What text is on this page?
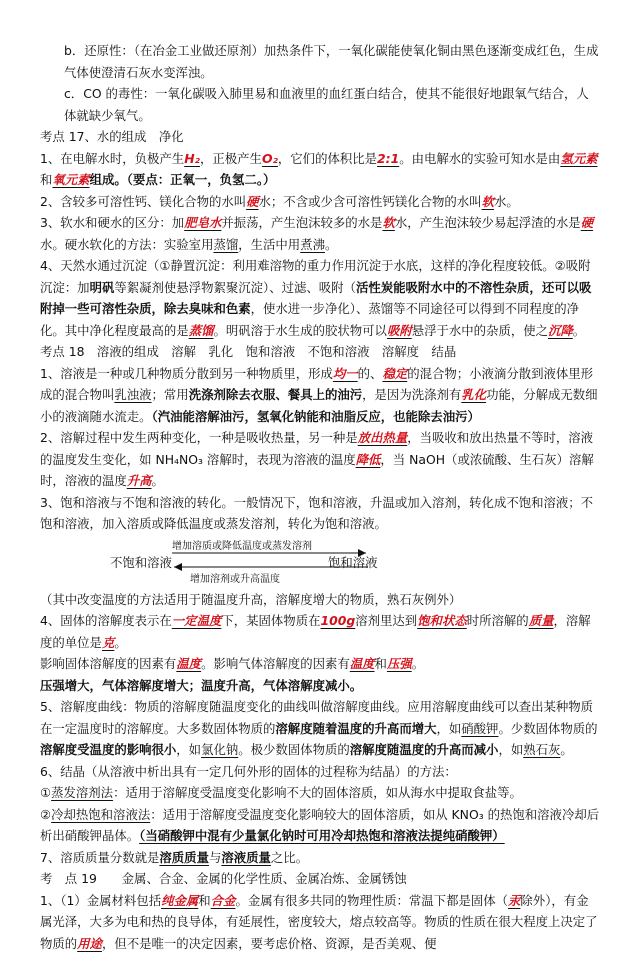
b．还原性：（在冶金工业做还原剂）加热条件下，一氧化碳能使氧化铜由黑色逐渐变成红色，生成气体使澄清石灰水变浑浊。

c．CO 的毒性：一氧化碳吸入肺里易和血液里的血红蛋白结合，使其不能很好地跟氧气结合，人体就缺少氧气。

考点 17、水的组成　净化

1、在电解水时，负极产生H₂，正极产生O₂，它们的体积比是2:1。由电解水的实验可知水是由氢元素和氧元素组成。（要点：正氧一，负氢二。）

2、含较多可溶性钙、镁化合物的水叫硬水；不含或少含可溶性钙镁化合物的水叫软水。

3、软水和硬水的区分：加肥皂水并振荡，产生泡沫较多的水是软水，产生泡沫较少易起浮渣的水是硬水。硬水软化的方法：实验室用蒸馏，生活中用煮沸。

4、天然水通过沉淀（①静置沉淀：利用难溶物的重力作用沉淀于水底，这样的净化程度较低。②吸附沉淀：加明矾等絮凝剂使悬浮物絮聚沉淀）、过滤、吸附（活性炭能吸附水中的不溶性杂质，还可以吸附掉一些可溶性杂质，除去臭味和色素，使水进一步净化）、蒸馏等不同途径可以得到不同程度的净化。其中净化程度最高的是蒸馏。明矾溶于水生成的胶状物可以吸附悬浮于水中的杂质，使之沉降。

考点 18　溶液的组成　溶解　乳化　饱和溶液　不饱和溶液　溶解度　结晶

1、溶液是一种或几种物质分散到另一种物质里，形成均一的、稳定的混合物；小液滴分散到液体里形成的混合物叫乳浊液；常用洗涤剂除去衣服、餐具上的油污，是因为洗涤剂有乳化功能，分解成无数细小的液滴随水流走。（汽油能溶解油污，氢氧化钠能和油脂反应，也能除去油污）

2、溶解过程中发生两种变化，一种是吸收热量，另一种是放出热量，当吸收和放出热量不等时，溶液的温度发生变化，如 NH₄NO₃ 溶解时，表现为溶液的温度降低，当 NaOH（或浓硫酸、生石灰）溶解时，溶液的温度升高。

3、饱和溶液与不饱和溶液的转化。一般情况下，饱和溶液，升温或加入溶剂，转化成不饱和溶液；不饱和溶液，加入溶质或降低温度或蒸发溶剂，转化为饱和溶液。

不饱和溶液	饱和溶液
增加溶质或降低温度或蒸发溶剂
增加溶剂或升高温度

（其中改变温度的方法适用于随温度升高，溶解度增大的物质，熟石灰例外）

4、固体的溶解度表示在一定温度下，某固体物质在100g溶剂里达到饱和状态时所溶解的质量，溶解度的单位是克。
影响固体溶解度的因素有温度。影响气体溶解度的因素有温度和压强。
压强增大，气体溶解度增大；温度升高，气体溶解度减小。

5、溶解度曲线：物质的溶解度随温度变化的曲线叫做溶解度曲线。应用溶解度曲线可以查出某种物质在一定温度时的溶解度。大多数固体物质的溶解度随着温度的升高而增大，如硝酸钾。少数固体物质的溶解度受温度的影响很小，如氯化钠。极少数固体物质的溶解度随温度的升高而减小，如熟石灰。

6、结晶（从溶液中析出具有一定几何外形的固体的过程称为结晶）的方法：
①蒸发溶剂法：适用于溶解度受温度变化影响不大的固体溶质，如从海水中提取食盐等。
②冷却热饱和溶液法：适用于溶解度受温度变化影响较大的固体溶质，如从 KNO₃ 的热饱和溶液冷却后析出硝酸钾晶体。（当硝酸钾中混有少量氯化钠时可用冷却热饱和溶液法提纯硝酸钾）

7、溶质质量分数就是溶质质量与溶液质量之比。

考　点 19　　金属、合金、金属的化学性质、金属冶炼、金属锈蚀

1、（1）金属材料包括纯金属和合金。金属有很多共同的物理性质：常温下都是固体（汞除外），有金属光泽，大多为电和热的良导体，有延展性，密度较大，熔点较高等。物质的性质在很大程度上决定了物质的用途，但不是唯一的决定因素，要考虑价格、资源，是否美观、便
